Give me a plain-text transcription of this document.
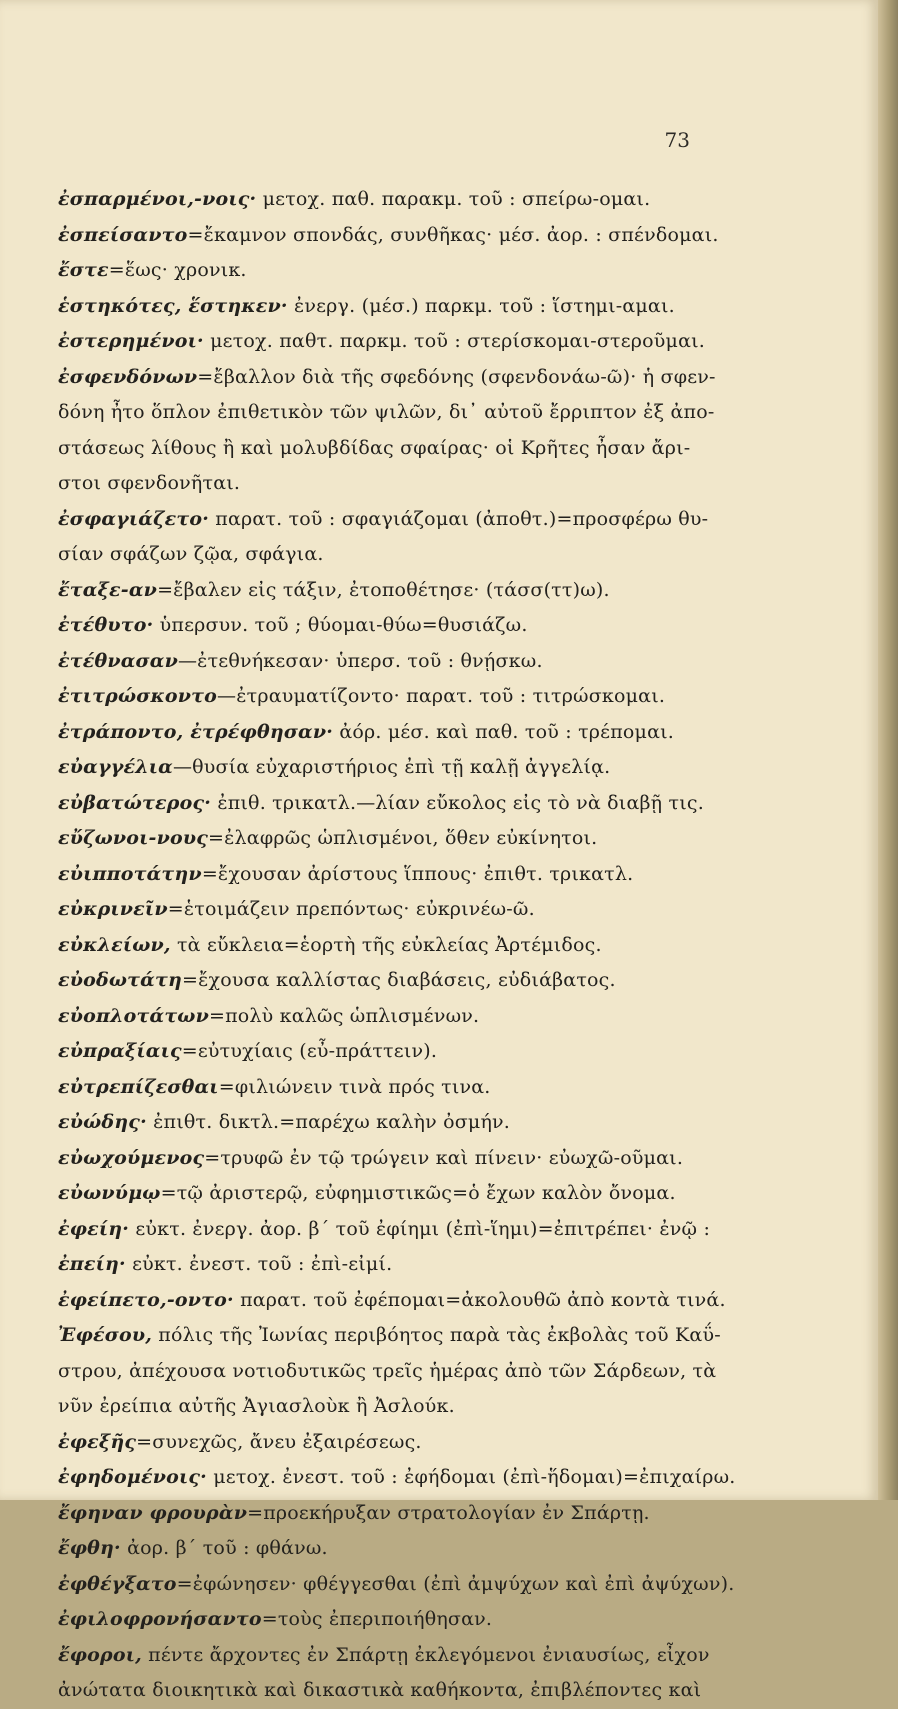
73
ἐσπαρμένοι,-νοις· μετοχ. παθ. παρακμ. τοῦ : σπείρω-ομαι.
ἐσπείσαντο=ἔκαμνον σπονδάς, συνθῆκας· μέσ. ἀορ. : σπένδομαι.
ἔστε=ἕως· χρονικ.
ἑστηκότες, ἕστηκεν· ἐνεργ. (μέσ.) παρκμ. τοῦ : ἵστημι-αμαι.
ἐστερημένοι· μετοχ. παθτ. παρκμ. τοῦ : στερίσκομαι-στεροῦμαι.
ἐσφενδόνων=ἔβαλλον διὰ τῆς σφεδόνης (σφενδονάω-ῶ)· ἡ σφεν-
δόνη ἦτο ὅπλον ἐπιθετικὸν τῶν ψιλῶν, δι᾿ αὐτοῦ ἔρριπτον ἐξ ἀπο-
στάσεως λίθους ἢ καὶ μολυβδίδας σφαίρας· οἱ Κρῆτες ἦσαν ἄρι-
στοι σφενδονῆται.
ἐσφαγιάζετο· παρατ. τοῦ : σφαγιάζομαι (ἀποθτ.)=προσφέρω θυ-
σίαν σφάζων ζῷα, σφάγια.
ἔταξε-αν=ἔβαλεν εἰς τάξιν, ἐτοποθέτησε· (τάσσ(ττ)ω).
ἐτέθυτο· ὑπερσυν. τοῦ ; θύομαι-θύω=θυσιάζω.
ἐτέθνασαν—ἐτεθνήκεσαν· ὑπερσ. τοῦ : θνῄσκω.
ἐτιτρώσκοντο—ἐτραυματίζοντο· παρατ. τοῦ : τιτρώσκομαι.
ἐτράποντο, ἐτρέφθησαν· ἀόρ. μέσ. καὶ παθ. τοῦ : τρέπομαι.
εὐαγγέλια—θυσία εὐχαριστήριος ἐπὶ τῇ καλῇ ἀγγελίᾳ.
εὐβατώτερος· ἐπιθ. τρικατλ.—λίαν εὔκολος εἰς τὸ νὰ διαβῇ τις.
εὔζωνοι-νους=ἐλαφρῶς ὡπλισμένοι, ὅθεν εὐκίνητοι.
εὐιπποτάτην=ἔχουσαν ἀρίστους ἵππους· ἐπιθτ. τρικατλ.
εὐκρινεῖν=ἑτοιμάζειν πρεπόντως· εὐκρινέω-ῶ.
εὐκλείων, τὰ εὔκλεια=ἑορτὴ τῆς εὐκλείας Ἀρτέμιδος.
εὐοδωτάτη=ἔχουσα καλλίστας διαβάσεις, εὐδιάβατος.
εὐοπλοτάτων=πολὺ καλῶς ὡπλισμένων.
εὐπραξίαις=εὐτυχίαις (εὖ-πράττειν).
εὐτρεπίζεσθαι=φιλιώνειν τινὰ πρός τινα.
εὐώδης· ἐπιθτ. δικτλ.=παρέχω καλὴν ὀσμήν.
εὐωχούμενος=τρυφῶ ἐν τῷ τρώγειν καὶ πίνειν· εὐωχῶ-οῦμαι.
εὐωνύμῳ=τῷ ἀριστερῷ, εὐφημιστικῶς=ὁ ἔχων καλὸν ὄνομα.
ἐφείη· εὐκτ. ἐνεργ. ἀορ. β΄ τοῦ ἐφίημι (ἐπὶ-ἵημι)=ἐπιτρέπει· ἐνῷ :
ἐπείη· εὐκτ. ἐνεστ. τοῦ : ἐπὶ-εἰμί.
ἐφείπετο,-οντο· παρατ. τοῦ ἐφέπομαι=ἀκολουθῶ ἀπὸ κοντὰ τινά.
Ἐφέσου, πόλις τῆς Ἰωνίας περιβόητος παρὰ τὰς ἐκβολὰς τοῦ Καΰ-
στρου, ἀπέχουσα νοτιοδυτικῶς τρεῖς ἡμέρας ἀπὸ τῶν Σάρδεων, τὰ
νῦν ἐρείπια αὐτῆς Ἀγιασλοὺκ ἢ Ἀσλούκ.
ἐφεξῆς=συνεχῶς, ἄνευ ἐξαιρέσεως.
ἐφηδομένοις· μετοχ. ἐνεστ. τοῦ : ἐφήδομαι (ἐπὶ-ἥδομαι)=ἐπιχαίρω.
ἔφηναν φρουρὰν=προεκήρυξαν στρατολογίαν ἐν Σπάρτῃ.
ἔφθη· ἀορ. β΄ τοῦ : φθάνω.
ἐφθέγξατο=ἐφώνησεν· φθέγγεσθαι (ἐπὶ ἀμψύχων καὶ ἐπὶ ἀψύχων).
ἐφιλοφρονήσαντο=τοὺς ἐπεριποιήθησαν.
ἔφοροι, πέντε ἄρχοντες ἐν Σπάρτῃ ἐκλεγόμενοι ἐνιαυσίως, εἶχον
ἀνώτατα διοικητικὰ καὶ δικαστικὰ καθήκοντα, ἐπιβλέποντες καὶ
